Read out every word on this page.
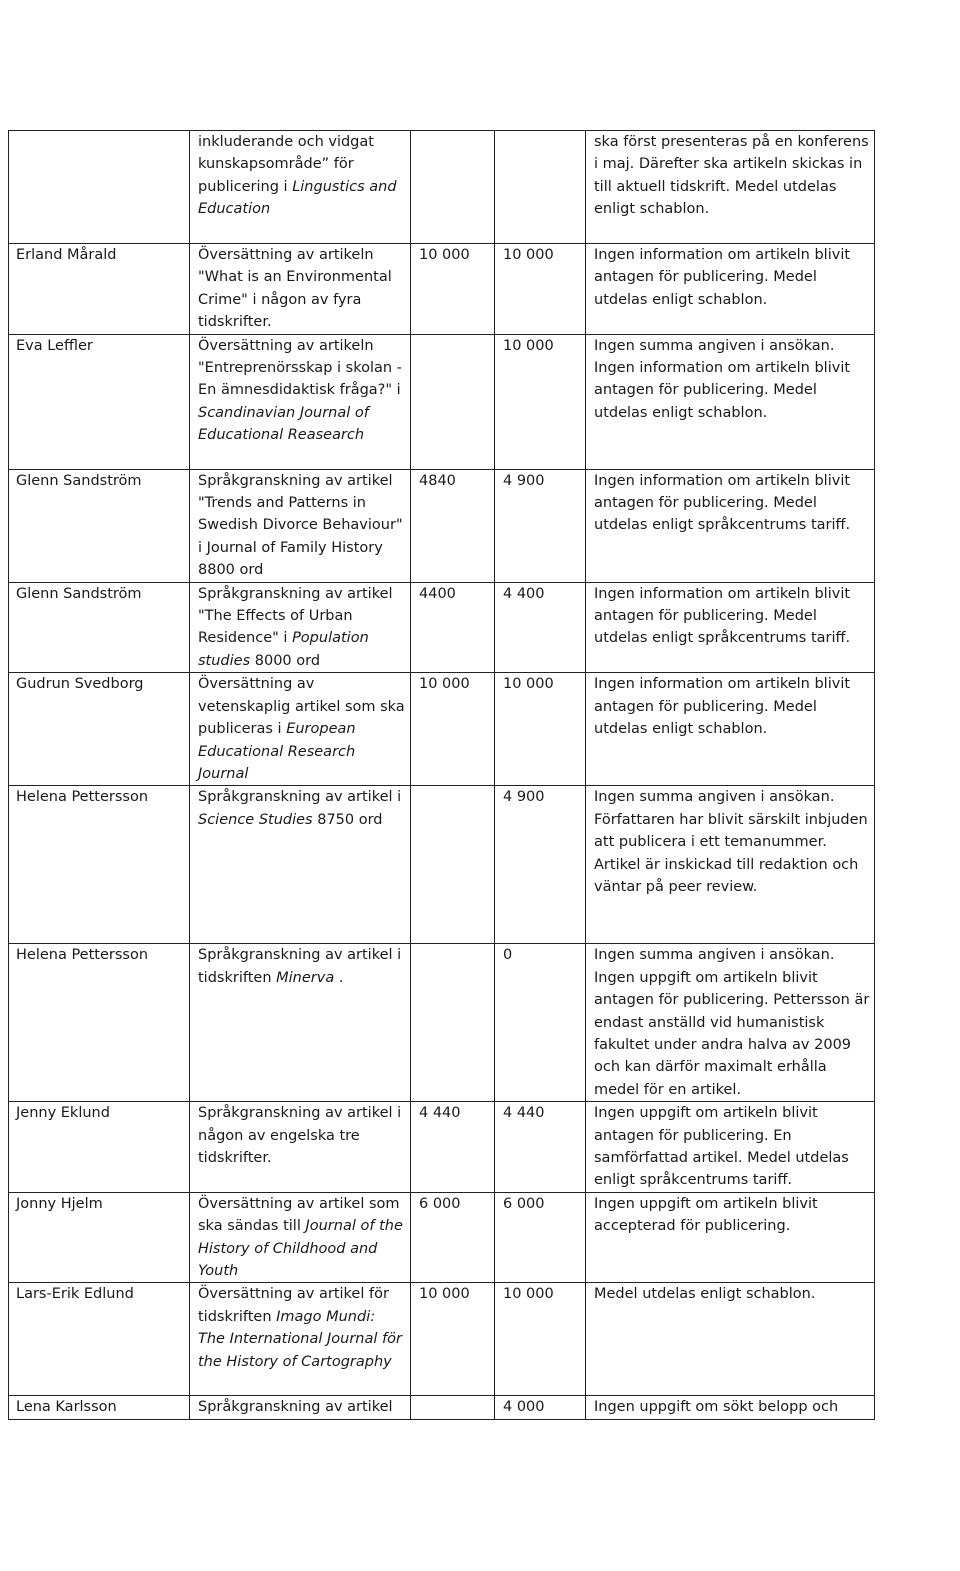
	inkluderande och vidgat kunskapsområde” för publicering i Lingustics and Education			ska först presenteras på en konferens i maj. Därefter ska artikeln skickas in till aktuell tidskrift. Medel utdelas enligt schablon.
Erland Mårald	Översättning av artikeln "What is an Environmental Crime" i någon av fyra tidskrifter.	10 000	10 000	Ingen information om artikeln blivit antagen för publicering. Medel utdelas enligt schablon.
Eva Leffler	Översättning av artikeln "Entreprenörsskap i skolan - En ämnesdidaktisk fråga?" i Scandinavian Journal of Educational Reasearch		10 000	Ingen summa angiven i ansökan. Ingen information om artikeln blivit antagen för publicering. Medel utdelas enligt schablon.
Glenn Sandström	Språkgranskning av artikel "Trends and Patterns in Swedish Divorce Behaviour" i Journal of Family History 8800 ord	4840	4 900	Ingen information om artikeln blivit antagen för publicering. Medel utdelas enligt språkcentrums tariff.
Glenn Sandström	Språkgranskning av artikel "The Effects of Urban Residence" i Population studies 8000 ord	4400	4 400	Ingen information om artikeln blivit antagen för publicering. Medel utdelas enligt språkcentrums tariff.
Gudrun Svedborg	Översättning av vetenskaplig artikel som ska publiceras i European Educational Research Journal	10 000	10 000	Ingen information om artikeln blivit antagen för publicering. Medel utdelas enligt schablon.
Helena Pettersson	Språkgranskning av artikel i Science Studies 8750 ord		4 900	Ingen summa angiven i ansökan. Författaren har blivit särskilt inbjuden att publicera i ett temanummer. Artikel är inskickad till redaktion och väntar på peer review.
Helena Pettersson	Språkgranskning av artikel i tidskriften Minerva .		0	Ingen summa angiven i ansökan. Ingen uppgift om artikeln blivit antagen för publicering. Pettersson är endast anställd vid humanistisk fakultet under andra halva av 2009 och kan därför maximalt erhålla medel för en artikel.
Jenny Eklund	Språkgranskning av artikel i någon av engelska tre tidskrifter.	4 440	4 440	Ingen uppgift om artikeln blivit antagen för publicering. En samförfattad artikel. Medel utdelas enligt språkcentrums tariff.
Jonny Hjelm	Översättning av artikel som ska sändas till Journal of the History of Childhood and Youth	6 000	6 000	Ingen uppgift om artikeln blivit accepterad för publicering.
Lars-Erik Edlund	Översättning av artikel för tidskriften Imago Mundi: The International Journal för the History of Cartography	10 000	10 000	Medel utdelas enligt schablon.
Lena Karlsson	Språkgranskning av artikel		4 000	Ingen uppgift om sökt belopp och
